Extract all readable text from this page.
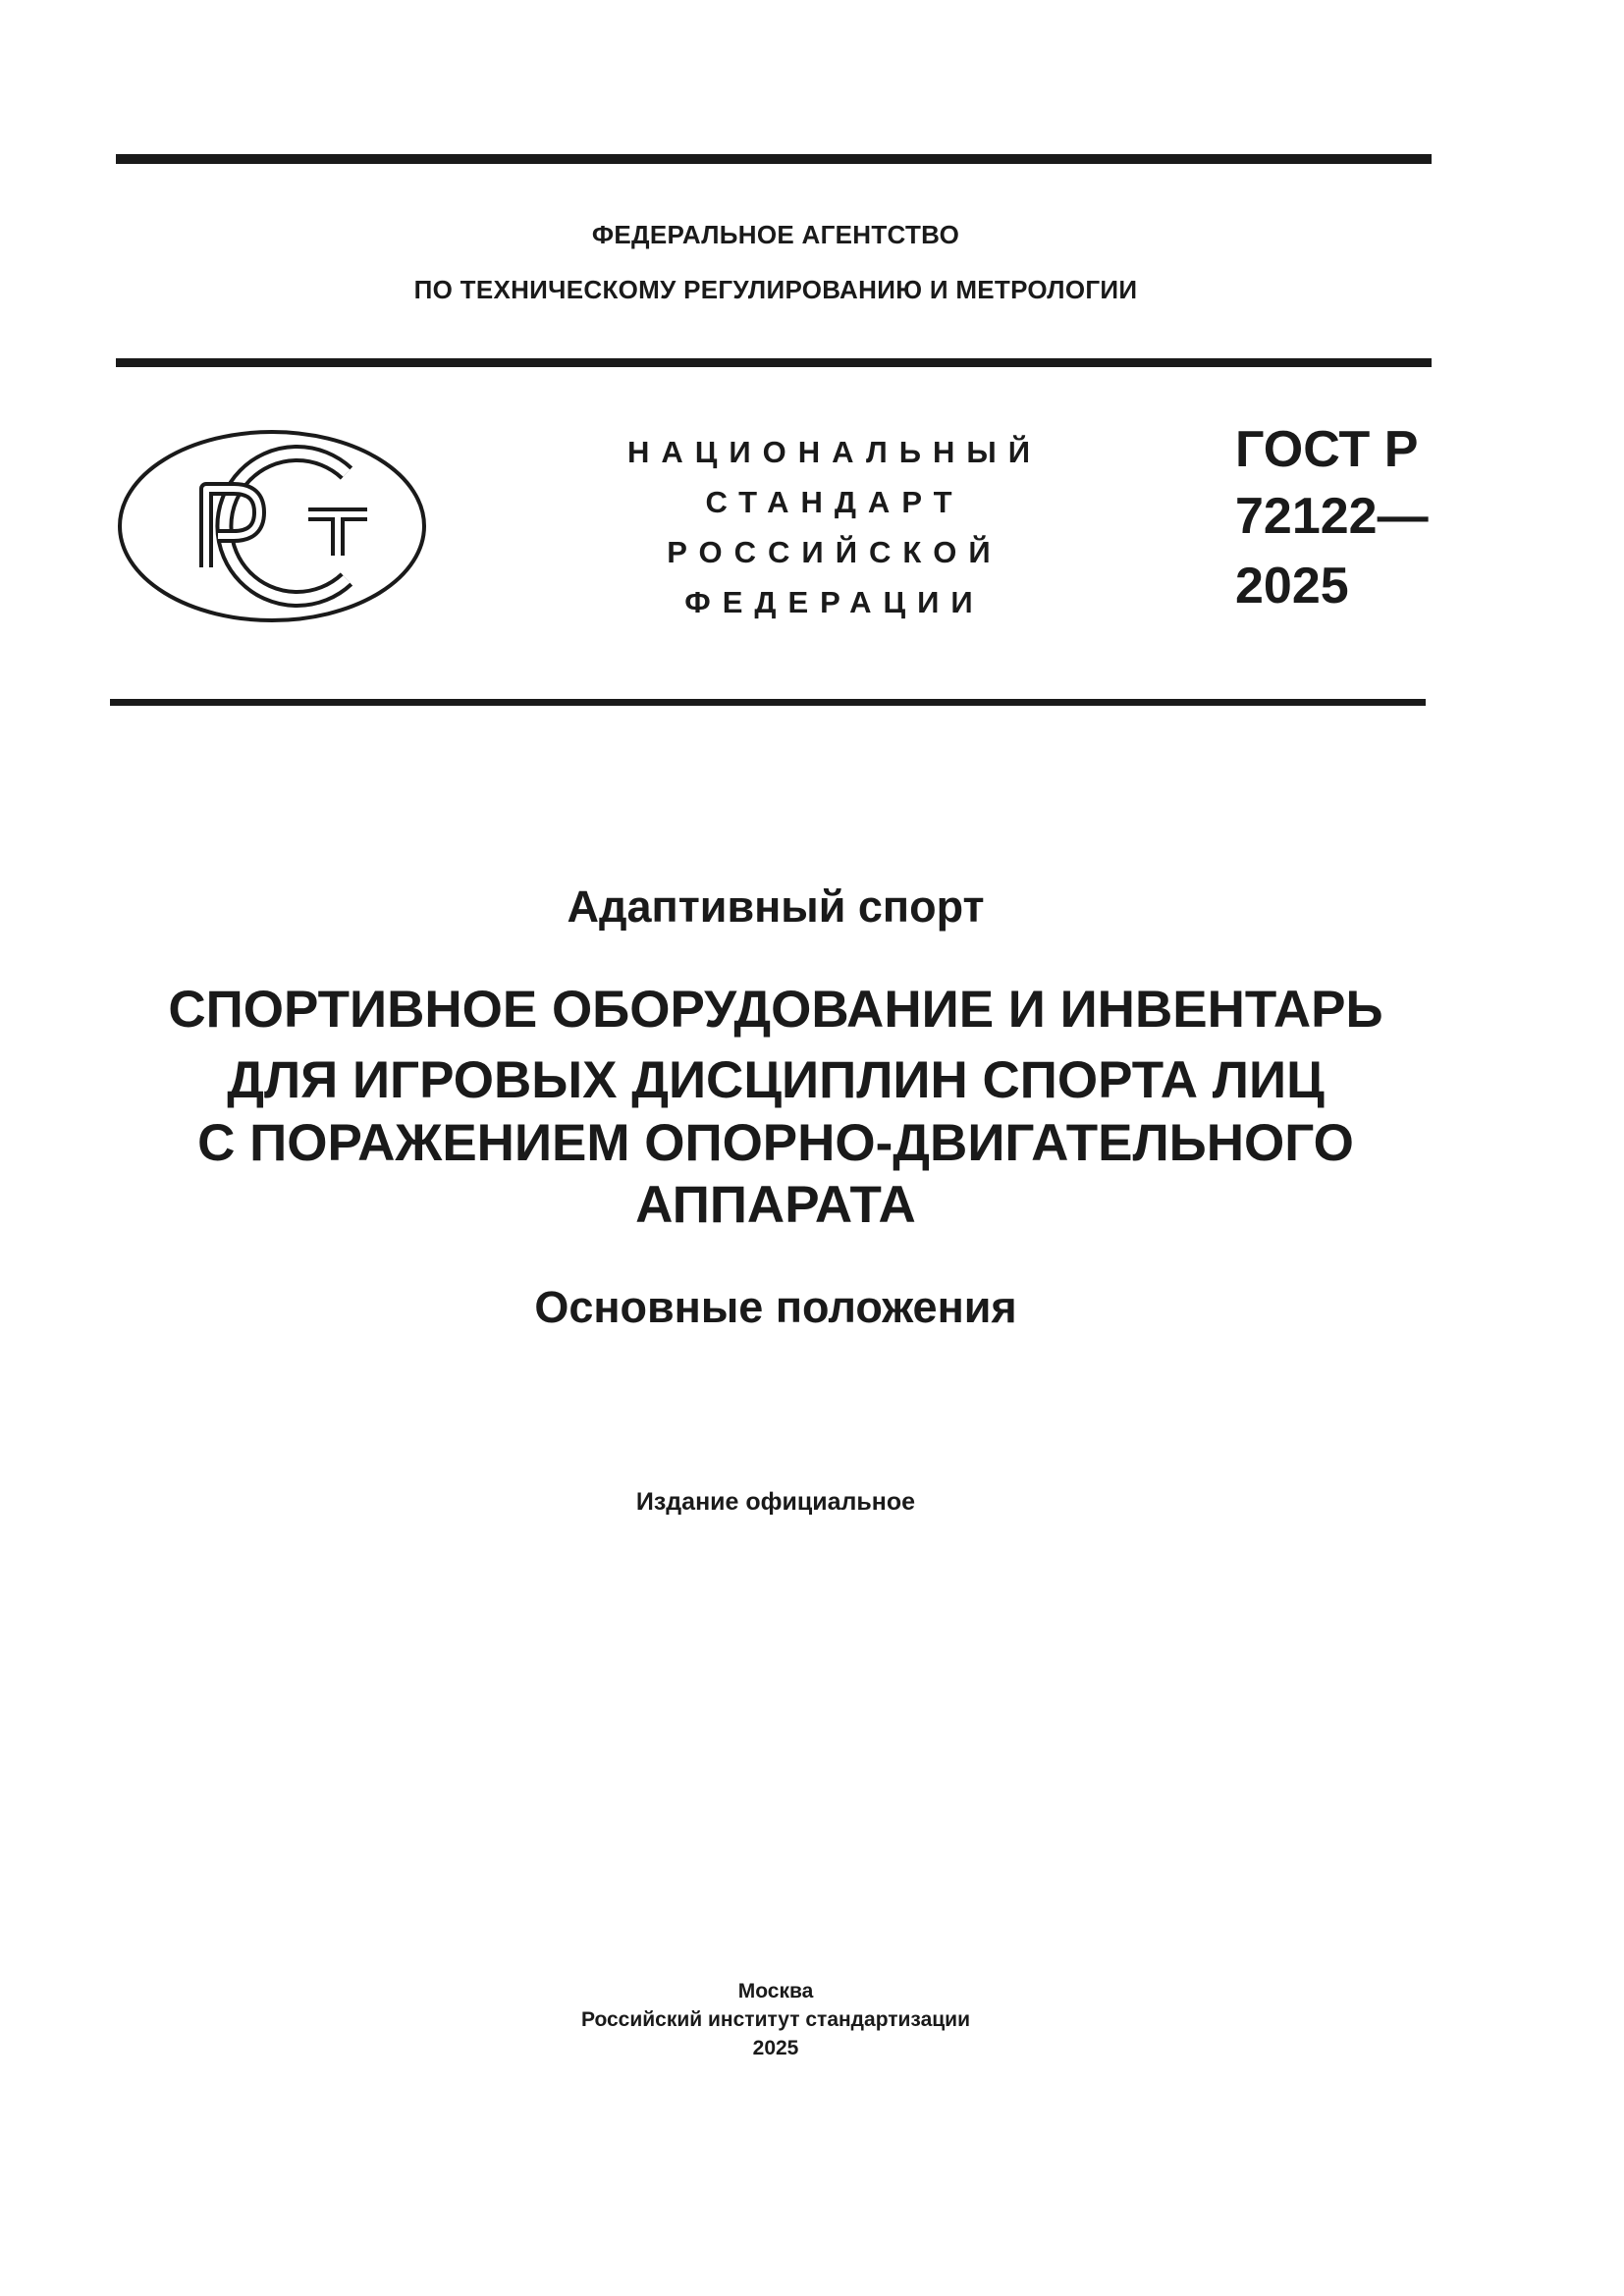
ФЕДЕРАЛЬНОЕ АГЕНТСТВО
ПО ТЕХНИЧЕСКОМУ РЕГУЛИРОВАНИЮ И МЕТРОЛОГИИ
НАЦИОНАЛЬНЫЙ
СТАНДАРТ
РОССИЙСКОЙ
ФЕДЕРАЦИИ
ГОСТ Р
72122—
2025
Адаптивный спорт
СПОРТИВНОЕ ОБОРУДОВАНИЕ И ИНВЕНТАРЬ
ДЛЯ ИГРОВЫХ ДИСЦИПЛИН СПОРТА ЛИЦ
С ПОРАЖЕНИЕМ ОПОРНО-ДВИГАТЕЛЬНОГО
АППАРАТА
Основные положения
Издание официальное
Москва
Российский институт стандартизации
2025
